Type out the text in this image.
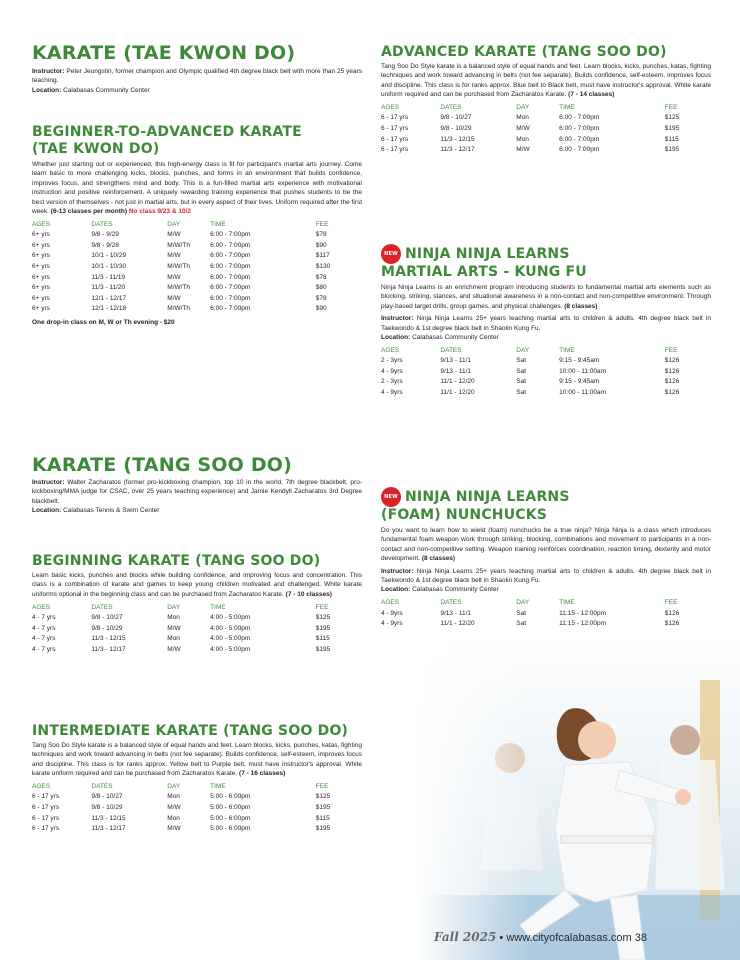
KARATE (TAE KWON DO)

Instructor: Peter Jeungstin, former champion and Olympic qualified 4th degree black belt with more than 25 years teaching.

Location: Calabasas Community Center

BEGINNER-TO-ADVANCED KARATE
(TAE KWON DO)

Whether just starting out or experienced, this high-energy class is fit for participant's martial arts journey. Come learn basic to more challenging kicks, blocks, punches, and forms in an environment that builds confidence, improves focus, and strengthens mind and body. This is a fun-filled martial arts experience with motivational instruction and positive reinforcement. A uniquely rewarding training experience that pushes students to be the best version of themselves - not just in martial arts, but in every aspect of their lives. Uniform required after the first week. (6-13 classes per month) No class 9/23 & 10/2

AGES	DATES	DAY	TIME	FEE
6+ yrs	9/8 - 9/29	M/W	6:00 - 7:00pm	$78
6+ yrs	9/8 - 9/28	M/W/Th	6:00 - 7:00pm	$90
6+ yrs	10/1 - 10/29	M/W	6:00 - 7:00pm	$117
6+ yrs	10/1 - 10/30	M/W/Th	6:00 - 7:00pm	$130
6+ yrs	11/3 - 11/19	M/W	6:00 - 7:00pm	$78
6+ yrs	11/3 - 11/20	M/W/Th	6:00 - 7:00pm	$80
6+ yrs	12/1 - 12/17	M/W	6:00 - 7:00pm	$78
6+ yrs	12/1 - 12/18	M/W/Th	6:00 - 7:00pm	$90

One drop-in class on M, W or Th evening - $20

KARATE (TANG SOO DO)

Instructor: Walter Zacharatos (former pro-kickboxing champion, top 10 in the world, 7th degree blackbelt, pro-kickboxing/MMA judge for CSAC, over 25 years teaching experience) and Jamie Kendyll Zacharatos 3rd Degree blackbelt.

Location: Calabasas Tennis & Swim Center

BEGINNING KARATE (TANG SOO DO)

Learn basic kicks, punches and blocks while building confidence, and improving focus and concentration. This class is a combination of karate and games to keep young children motivated and challenged. White karate uniforms optional in the beginning class and can be purchased from Zacharatos Karate. (7 - 10 classes)

AGES	DATES	DAY	TIME	FEE
4 - 7 yrs	9/8 - 10/27	Mon	4:00 - 5:00pm	$125
4 - 7 yrs	9/8 - 10/29	M/W	4:00 - 5:00pm	$195
4 - 7 yrs	11/3 - 12/15	Mon	4:00 - 5:00pm	$115
4 - 7 yrs	11/3 - 12/17	M/W	4:00 - 5:00pm	$195
INTERMEDIATE KARATE (TANG SOO DO)

Tang Soo Do Style karate is a balanced style of equal hands and feet. Learn blocks, kicks, punches, katas, fighting techniques and work toward advancing in belts (not fee separate). Builds confidence, self-esteem, improves focus and discipline. This class is for ranks approx. Yellow belt to Purple belt, must have instructor's approval. White karate uniform required and can be purchased from Zacharatos Karate. (7 - 16 classes)

AGES	DATES	DAY	TIME	FEE
6 - 17 yrs	9/8 - 10/27	Mon	5:00 - 6:00pm	$125
6 - 17 yrs	9/8 - 10/29	M/W	5:00 - 6:00pm	$195
6 - 17 yrs	11/3 - 12/15	Mon	5:00 - 6:00pm	$115
6 - 17 yrs	11/3 - 12/17	M/W	5:00 - 6:00pm	$195
ADVANCED KARATE (TANG SOO DO)

Tang Soo Do Style karate is a balanced style of equal hands and feet. Learn blocks, kicks, punches, katas, fighting techniques and work toward advancing in belts (not fee separate). Builds confidence, self-esteem, improves focus and discipline. This class is for ranks approx. Blue belt to Black belt, must have instructor's approval. White karate uniform required and can be purchased from Zacharatos Karate. (7 - 14 classes)

AGES	DATES	DAY	TIME	FEE
6 - 17 yrs	9/8 - 10/27	Mon	6:00 - 7:00pm	$125
6 - 17 yrs	9/8 - 10/29	M/W	6:00 - 7:00pm	$195
6 - 17 yrs	11/3 - 12/15	Mon	6:00 - 7:00pm	$115
6 - 17 yrs	11/3 - 12/17	M/W	6:00 - 7:00pm	$195
NEW NINJA NINJA LEARNS
MARTIAL ARTS - KUNG FU

Ninja Ninja Learns is an enrichment program introducing students to fundamental martial arts elements such as blocking, striking, stances, and situational awareness in a non-contact and non-competitive environment. Through play-based target drills, group games, and physical challenges. (8 classes)

Instructor: Ninja Ninja Learns 25+ years teaching martial arts to children & adults. 4th degree black belt in Taekwondo & 1st degree black belt in Shaolin Kung Fu.

Location: Calabasas Community Center

AGES	DATES	DAY	TIME	FEE
2 - 3yrs	9/13 - 11/1	Sat	9:15 - 9:45am	$126
4 - 9yrs	9/13 - 11/1	Sat	10:00 - 11:00am	$126
2 - 3yrs	11/1 - 12/20	Sat	9:15 - 9:45am	$126
4 - 9yrs	11/1 - 12/20	Sat	10:00 - 11:00am	$126
NEW NINJA NINJA LEARNS
(FOAM) NUNCHUCKS

Do you want to learn how to wield (foam) nunchucks be a true ninja? Ninja Ninja is a class which introduces fundamental foam weapon work through striking, blocking, combinations and movement to participants in a non-contact and non-competitive setting. Weapon training reinforces coordination, reaction timing, dexterity and motor development. (8 classes)

Instructor: Ninja Ninja Learns 25+ years teaching martial arts to children & adults. 4th degree black belt in Taekwondo & 1st degree black belt in Shaolin Kung Fu.

Location: Calabasas Community Center

AGES	DATES	DAY	TIME	FEE
4 - 9yrs	9/13 - 11/1	Sat	11:15 - 12:00pm	$126
4 - 9yrs	11/1 - 12/20	Sat	11:15 - 12:00pm	$126
Fall 2025 • www.cityofcalabasas.com 38
